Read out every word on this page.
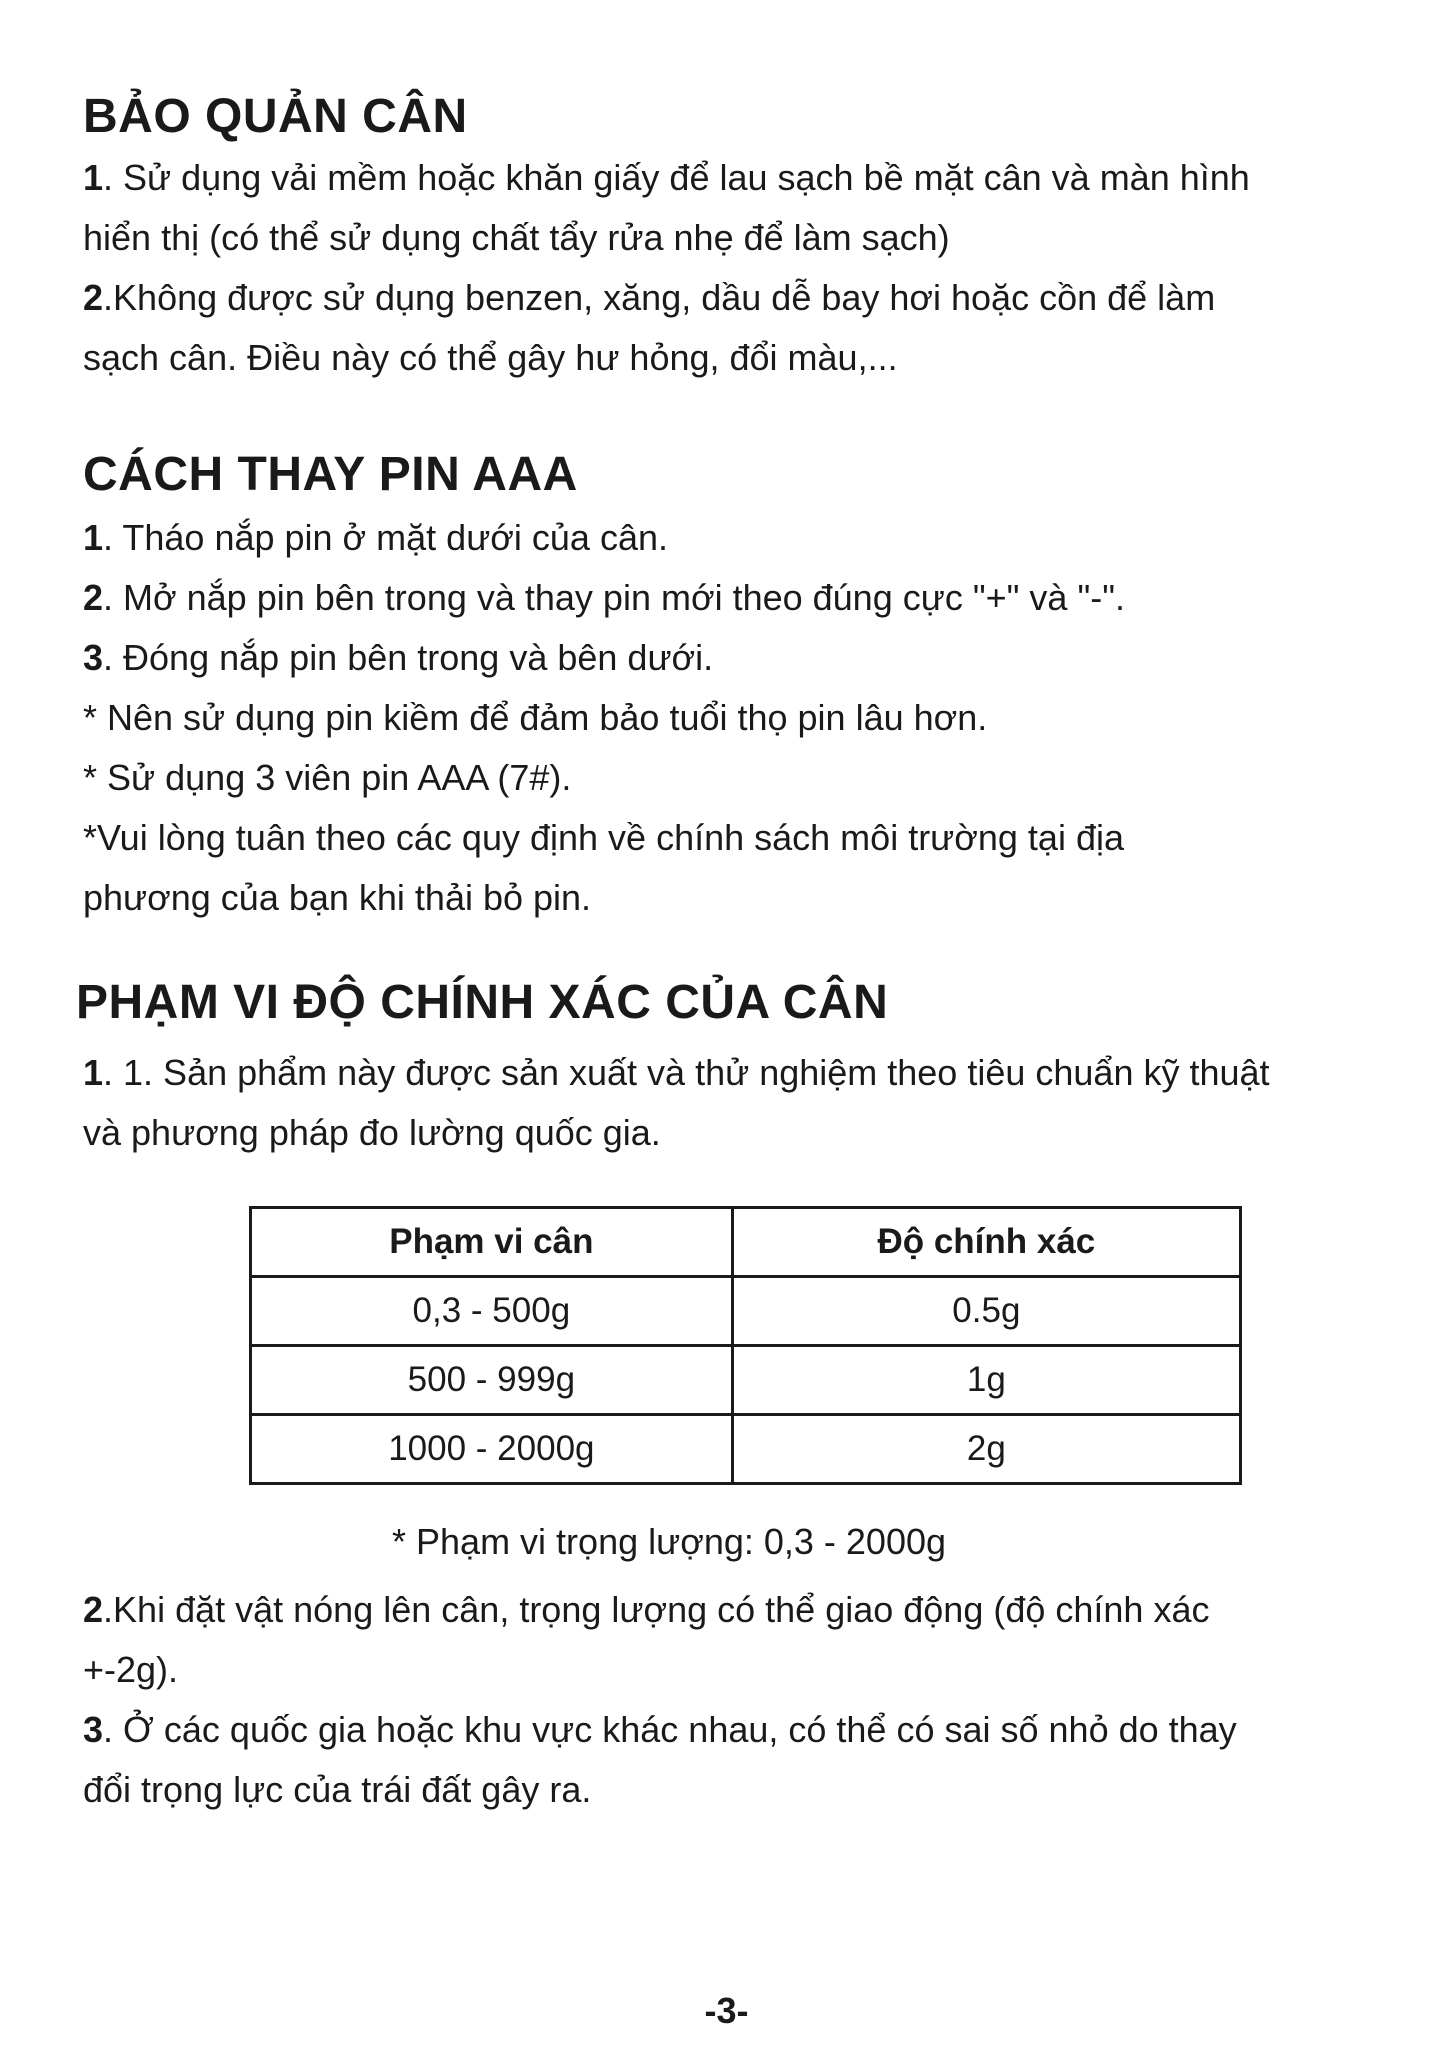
BẢO QUẢN CÂN

1. Sử dụng vải mềm hoặc khăn giấy để lau sạch bề mặt cân và màn hình

hiển thị (có thể sử dụng chất tẩy rửa nhẹ để làm sạch)

2.Không được sử dụng benzen, xăng, dầu dễ bay hơi hoặc cồn để làm

sạch cân. Điều này có thể gây hư hỏng, đổi màu,...

CÁCH THAY PIN AAA

1. Tháo nắp pin ở mặt dưới của cân.

2. Mở nắp pin bên trong và thay pin mới theo đúng cực "+" và "-".

3. Đóng nắp pin bên trong và bên dưới.

* Nên sử dụng pin kiềm để đảm bảo tuổi thọ pin lâu hơn.

* Sử dụng 3 viên pin AAA (7#).

*Vui lòng tuân theo các quy định về chính sách môi trường tại địa

phương của bạn khi thải bỏ pin.

PHẠM VI ĐỘ CHÍNH XÁC CỦA CÂN

1. 1. Sản phẩm này được sản xuất và thử nghiệm theo tiêu chuẩn kỹ thuật

và phương pháp đo lường quốc gia.

Phạm vi cân	Độ chính xác
0,3 - 500g	0.5g
500 - 999g	1g
1000 - 2000g	2g
* Phạm vi trọng lượng: 0,3 - 2000g

2.Khi đặt vật nóng lên cân, trọng lượng có thể giao động (độ chính xác

+-2g).

3. Ở các quốc gia hoặc khu vực khác nhau, có thể có sai số nhỏ do thay

đổi trọng lực của trái đất gây ra.

-3-
